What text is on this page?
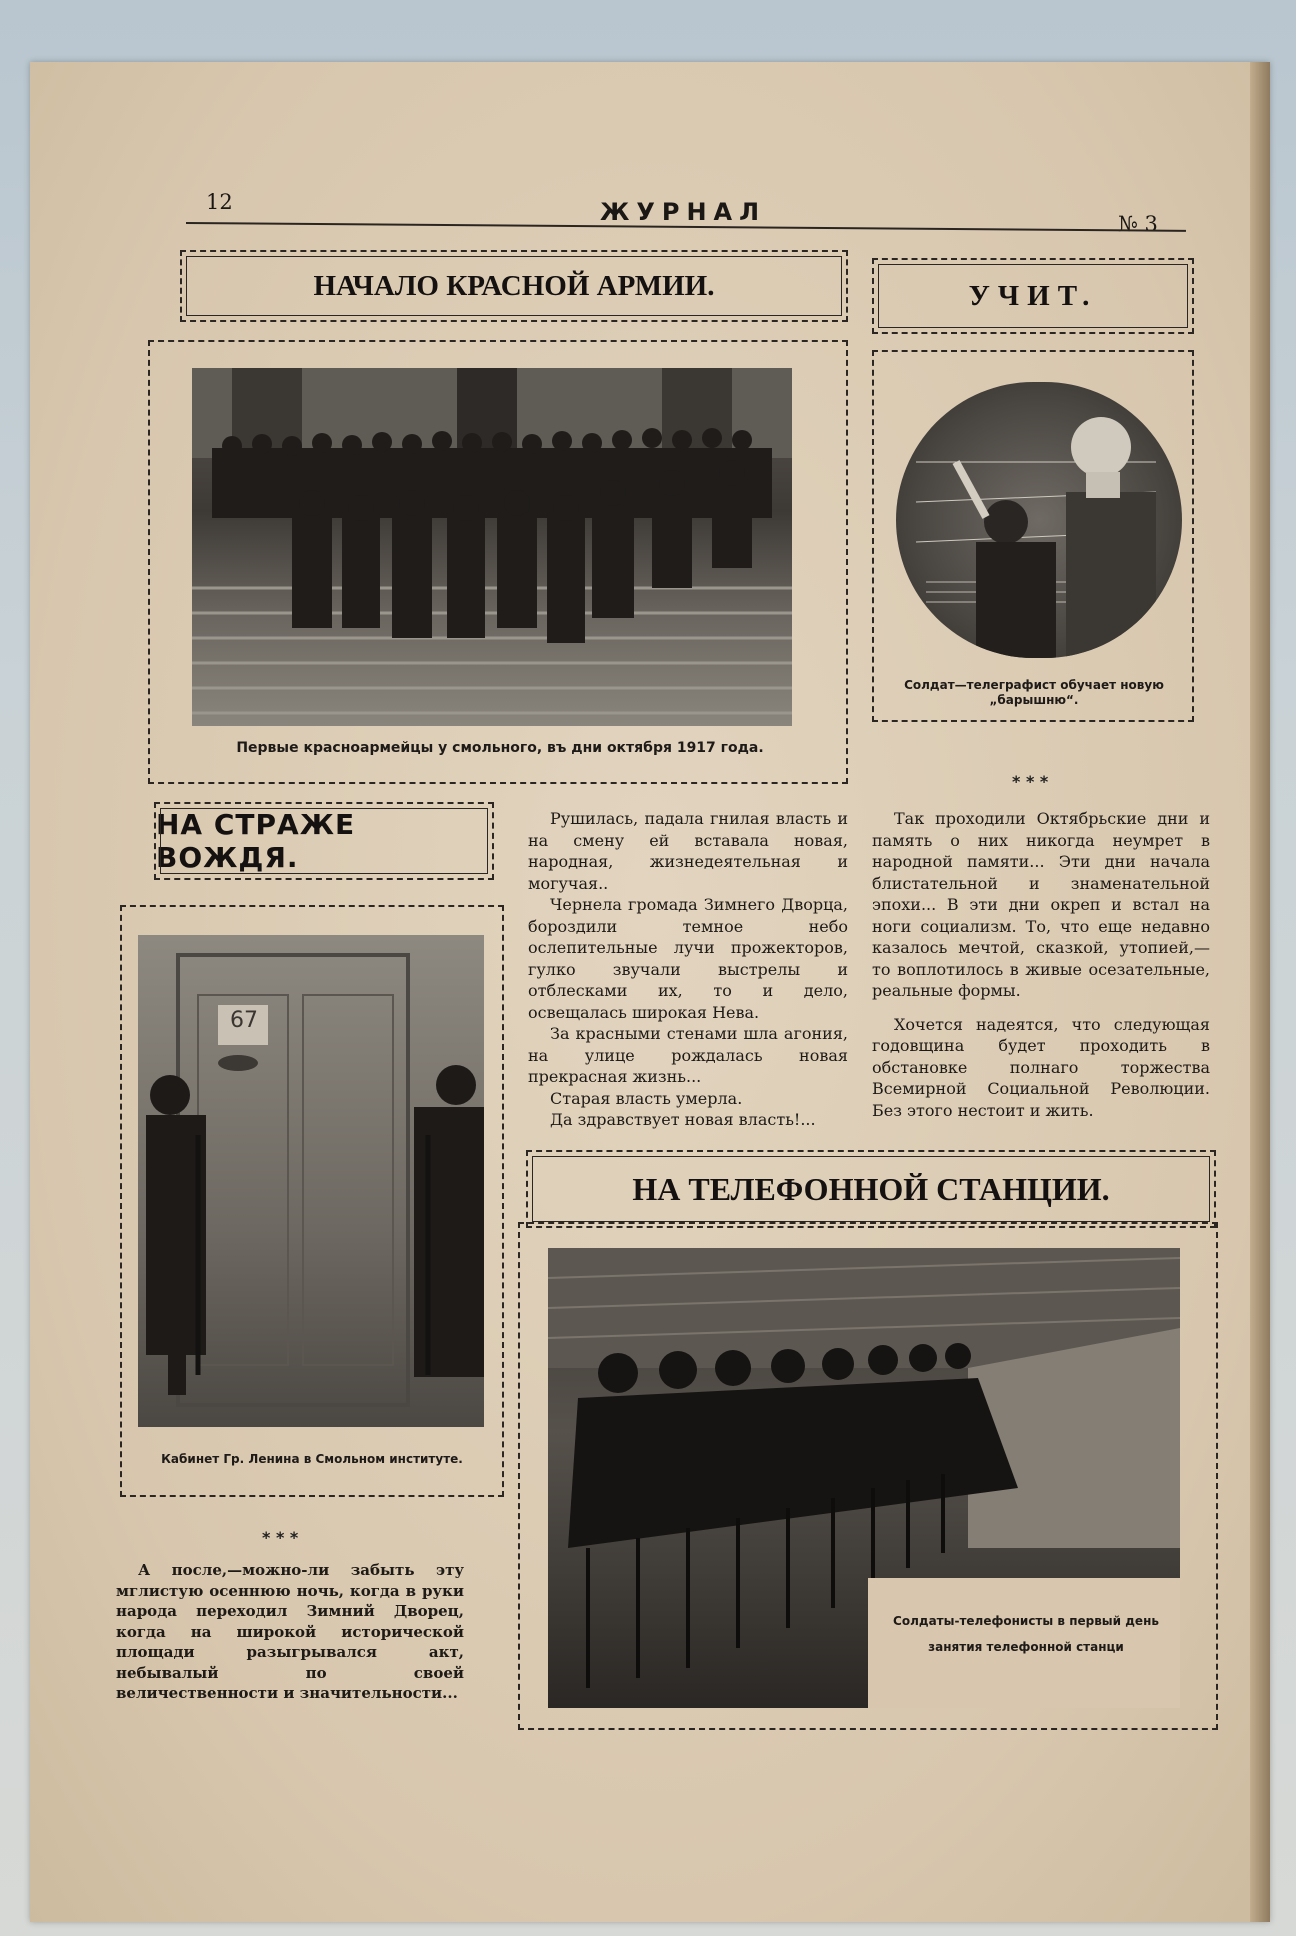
12	ЖУРНАЛ	№ 3
НАЧАЛО КРАСНОЙ АРМИИ.
Первые красноармейцы у смольного, въ дни октября 1917 года.
УЧИТ.
Солдат—телеграфист обучает новую
„барышню“.
* * *
НА СТРАЖЕ ВОЖДЯ.
67
Кабинет Гр. Ленина в Смольном институте.
* * *

А после,—можно-ли забыть эту мглистую осеннюю ночь, когда в руки народа переходил Зимний Дворец, когда на широкой исторической площади разыгрывался акт, небывалый по своей величественности и значительности...

Рушилась, падала гнилая власть и на смену ей вставала новая, народная, жизнедеятельная и могучая..

Чернела громада Зимнего Дворца, бороздили темное небо ослепительные лучи прожекторов, гулко звучали выстрелы и отблесками их, то и дело, освещалась широкая Нева.

За красными стенами шла агония, на улице рождалась новая прекрасная жизнь...

Старая власть умерла.

Да здравствует новая власть!...

Так проходили Октябрьские дни и память о них никогда неумрет в народной памяти... Эти дни начала блистательной и знаменательной эпохи... В эти дни окреп и встал на ноги социализм. То, что еще недавно казалось мечтой, сказкой, утопией,—то воплотилось в живые осезательные, реальные формы.

Хочется надеятся, что следующая годовщина будет проходить в обстановке полнаго торжества Всемирной Социальной Революции. Без этого нестоит и жить.

НА ТЕЛЕФОННОЙ СТАНЦИИ.
Солдаты-телефонисты в первый день
занятия телефонной станци
